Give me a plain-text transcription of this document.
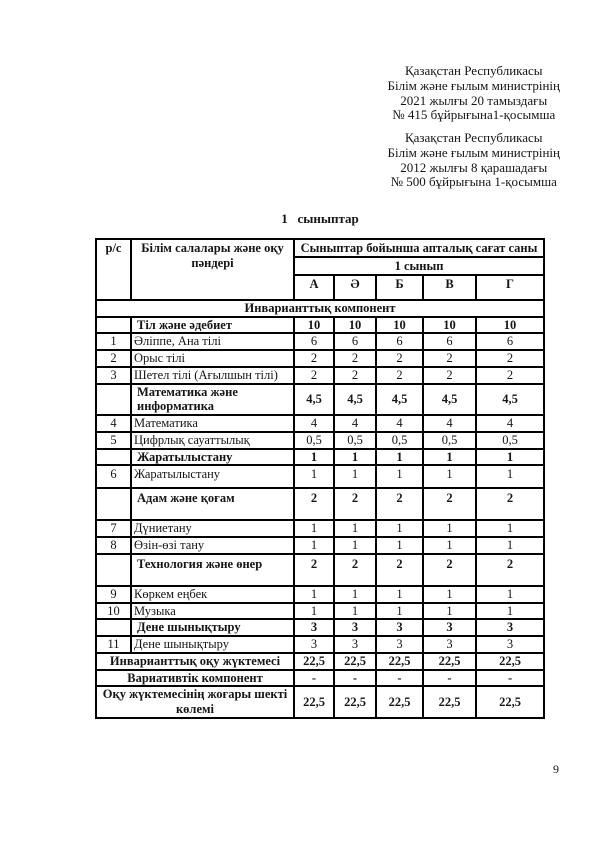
Қазақстан Республикасы
Білім және ғылым министрінің
2021 жылғы 20 тамыздағы
№ 415 бұйрығына1-қосымша
Қазақстан Республикасы
Білім және ғылым министрінің
2012 жылғы 8 қарашадағы
№ 500 бұйрығына 1-қосымша
1   сыныптар
р/с	Білім салалары және оқу пәндері	Сыныптар бойынша апталық сағат саны				
		1 сынып				
		А	Ә	Б	В	Г
Инварианттық компонент						
	Тіл және әдебиет	10	10	10	10	10
1	Әліппе, Ана тілі	6	6	6	6	6
2	Орыс тілі	2	2	2	2	2
3	Шетел тілі (Ағылшын тілі)	2	2	2	2	2
	Математика және информатика	4,5	4,5	4,5	4,5	4,5
4	Математика	4	4	4	4	4
5	Цифрлық сауаттылық	0,5	0,5	0,5	0,5	0,5
	Жаратылыстану	1	1	1	1	1
6	Жаратылыстану	1	1	1	1	1
	Адам және қоғам	2	2	2	2	2
7	Дүниетану	1	1	1	1	1
8	Өзін-өзі тану	1	1	1	1	1
	Технология және өнер	2	2	2	2	2
9	Көркем еңбек	1	1	1	1	1
10	Музыка	1	1	1	1	1
	Дене шынықтыру	3	3	3	3	3
11	Дене шынықтыру	3	3	3	3	3
Инварианттық оқу жүктемесі		22,5	22,5	22,5	22,5	22,5
Вариативтік компонент		-	-	-	-	-
Оқу жүктемесінің жоғары шекті көлемі		22,5	22,5	22,5	22,5	22,5
9
